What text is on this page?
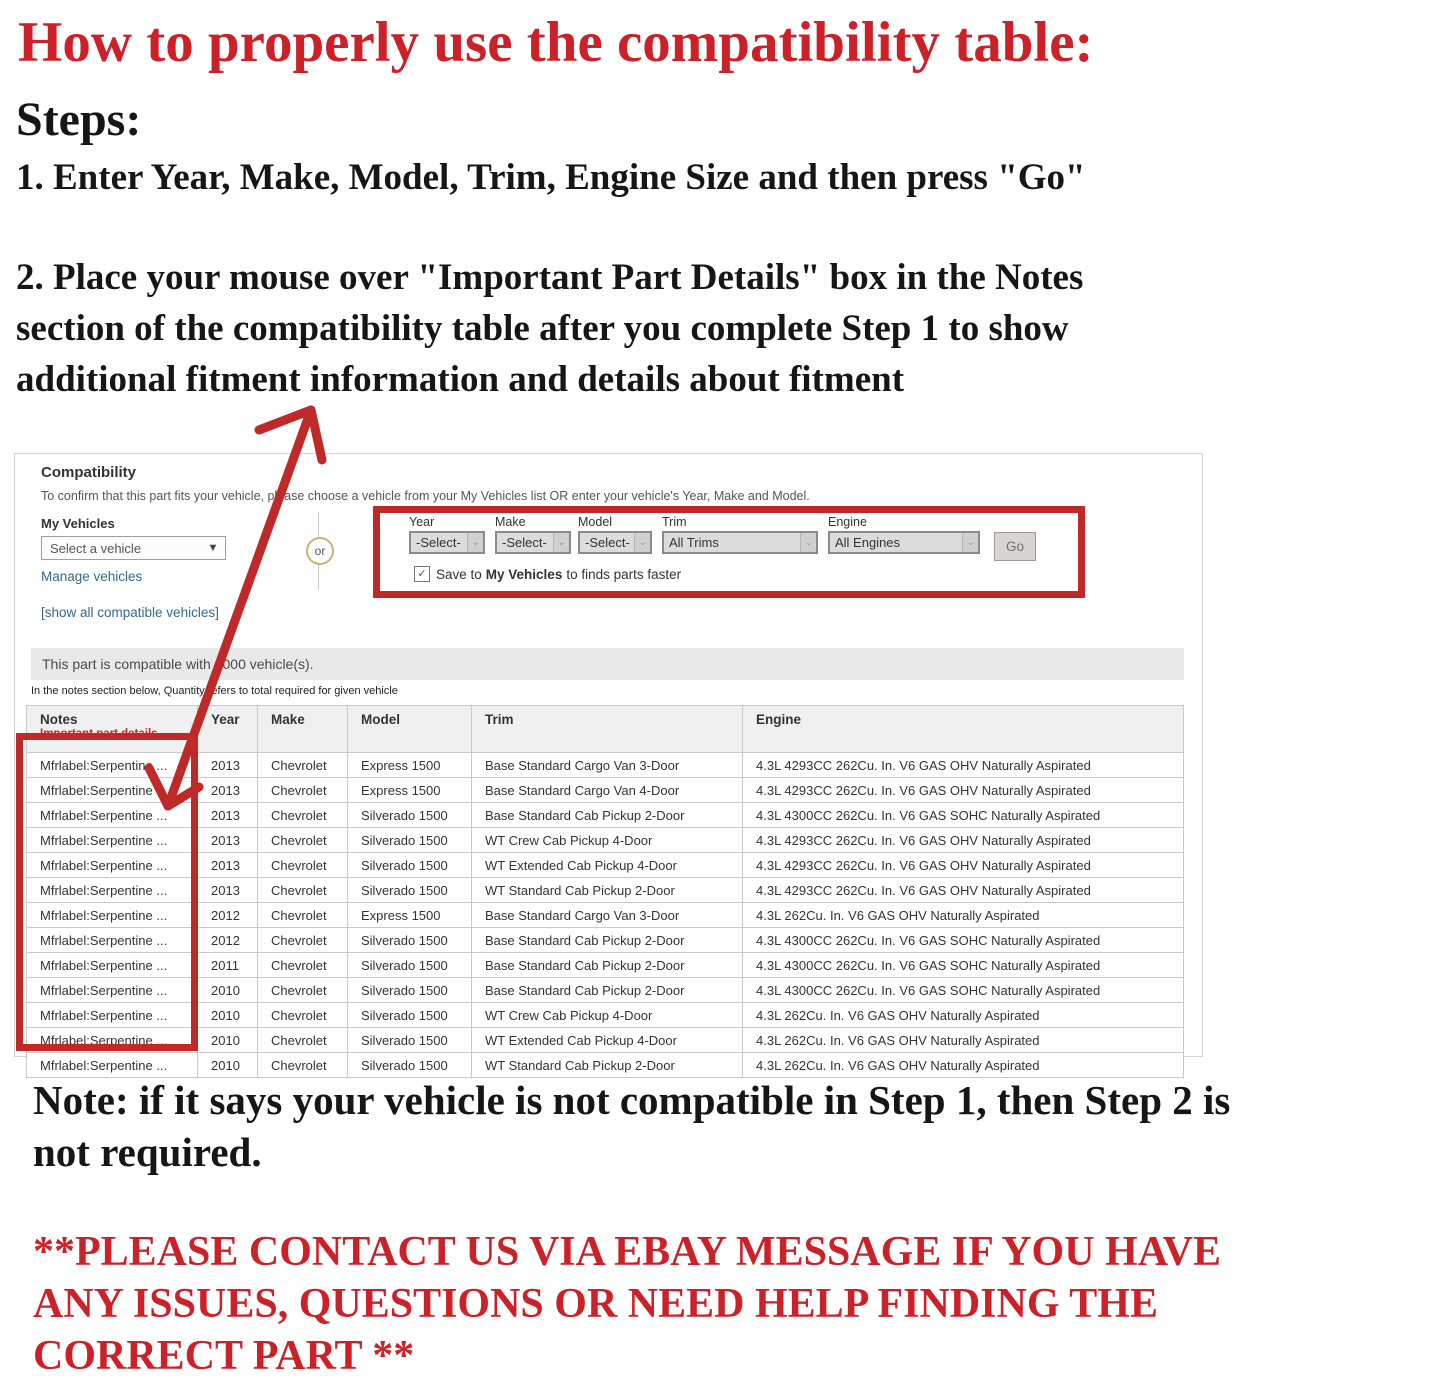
How to properly use the compatibility table:
Steps:
1. Enter Year, Make, Model, Trim, Engine Size and then press "Go"
2. Place your mouse over "Important Part Details" box in the Notes
section of the compatibility table after you complete Step 1 to show
additional fitment information and details about fitment
Compatibility
To confirm that this part fits your vehicle, please choose a vehicle from your My Vehicles list OR enter your vehicle's Year, Make and Model.
My Vehicles
Select a vehicle	▼
Manage vehicles
[show all compatible vehicles]
or
Year
-Select-	⌄
Make
-Select-	⌄
Model
-Select- ⌄
Trim
All Trims	⌄
Engine
All Engines	⌄	Go
✓ Save to My Vehicles to finds parts faster
This part is compatible with 1000 vehicle(s).
In the notes section below, Quantity refers to total required for given vehicle
Notes
Important part details	Year	Make	Model	Trim	Engine
Mfrlabel:Serpentine ...	2013	Chevrolet	Express 1500	Base Standard Cargo Van 3-Door	4.3L 4293CC 262Cu. In. V6 GAS OHV Naturally Aspirated
Mfrlabel:Serpentine ...	2013	Chevrolet	Express 1500	Base Standard Cargo Van 4-Door	4.3L 4293CC 262Cu. In. V6 GAS OHV Naturally Aspirated
Mfrlabel:Serpentine ...	2013	Chevrolet	Silverado 1500	Base Standard Cab Pickup 2-Door	4.3L 4300CC 262Cu. In. V6 GAS SOHC Naturally Aspirated
Mfrlabel:Serpentine ...	2013	Chevrolet	Silverado 1500	WT Crew Cab Pickup 4-Door	4.3L 4293CC 262Cu. In. V6 GAS OHV Naturally Aspirated
Mfrlabel:Serpentine ...	2013	Chevrolet	Silverado 1500	WT Extended Cab Pickup 4-Door	4.3L 4293CC 262Cu. In. V6 GAS OHV Naturally Aspirated
Mfrlabel:Serpentine ...	2013	Chevrolet	Silverado 1500	WT Standard Cab Pickup 2-Door	4.3L 4293CC 262Cu. In. V6 GAS OHV Naturally Aspirated
Mfrlabel:Serpentine ...	2012	Chevrolet	Express 1500	Base Standard Cargo Van 3-Door	4.3L 262Cu. In. V6 GAS OHV Naturally Aspirated
Mfrlabel:Serpentine ...	2012	Chevrolet	Silverado 1500	Base Standard Cab Pickup 2-Door	4.3L 4300CC 262Cu. In. V6 GAS SOHC Naturally Aspirated
Mfrlabel:Serpentine ...	2011	Chevrolet	Silverado 1500	Base Standard Cab Pickup 2-Door	4.3L 4300CC 262Cu. In. V6 GAS SOHC Naturally Aspirated
Mfrlabel:Serpentine ...	2010	Chevrolet	Silverado 1500	Base Standard Cab Pickup 2-Door	4.3L 4300CC 262Cu. In. V6 GAS SOHC Naturally Aspirated
Mfrlabel:Serpentine ...	2010	Chevrolet	Silverado 1500	WT Crew Cab Pickup 4-Door	4.3L 262Cu. In. V6 GAS OHV Naturally Aspirated
Mfrlabel:Serpentine ...	2010	Chevrolet	Silverado 1500	WT Extended Cab Pickup 4-Door	4.3L 262Cu. In. V6 GAS OHV Naturally Aspirated
Mfrlabel:Serpentine ...	2010	Chevrolet	Silverado 1500	WT Standard Cab Pickup 2-Door	4.3L 262Cu. In. V6 GAS OHV Naturally Aspirated
Note: if it says your vehicle is not compatible in Step 1, then Step 2 is
not required.
**PLEASE CONTACT US VIA EBAY MESSAGE IF YOU HAVE
ANY ISSUES, QUESTIONS OR NEED HELP FINDING THE
CORRECT PART **
